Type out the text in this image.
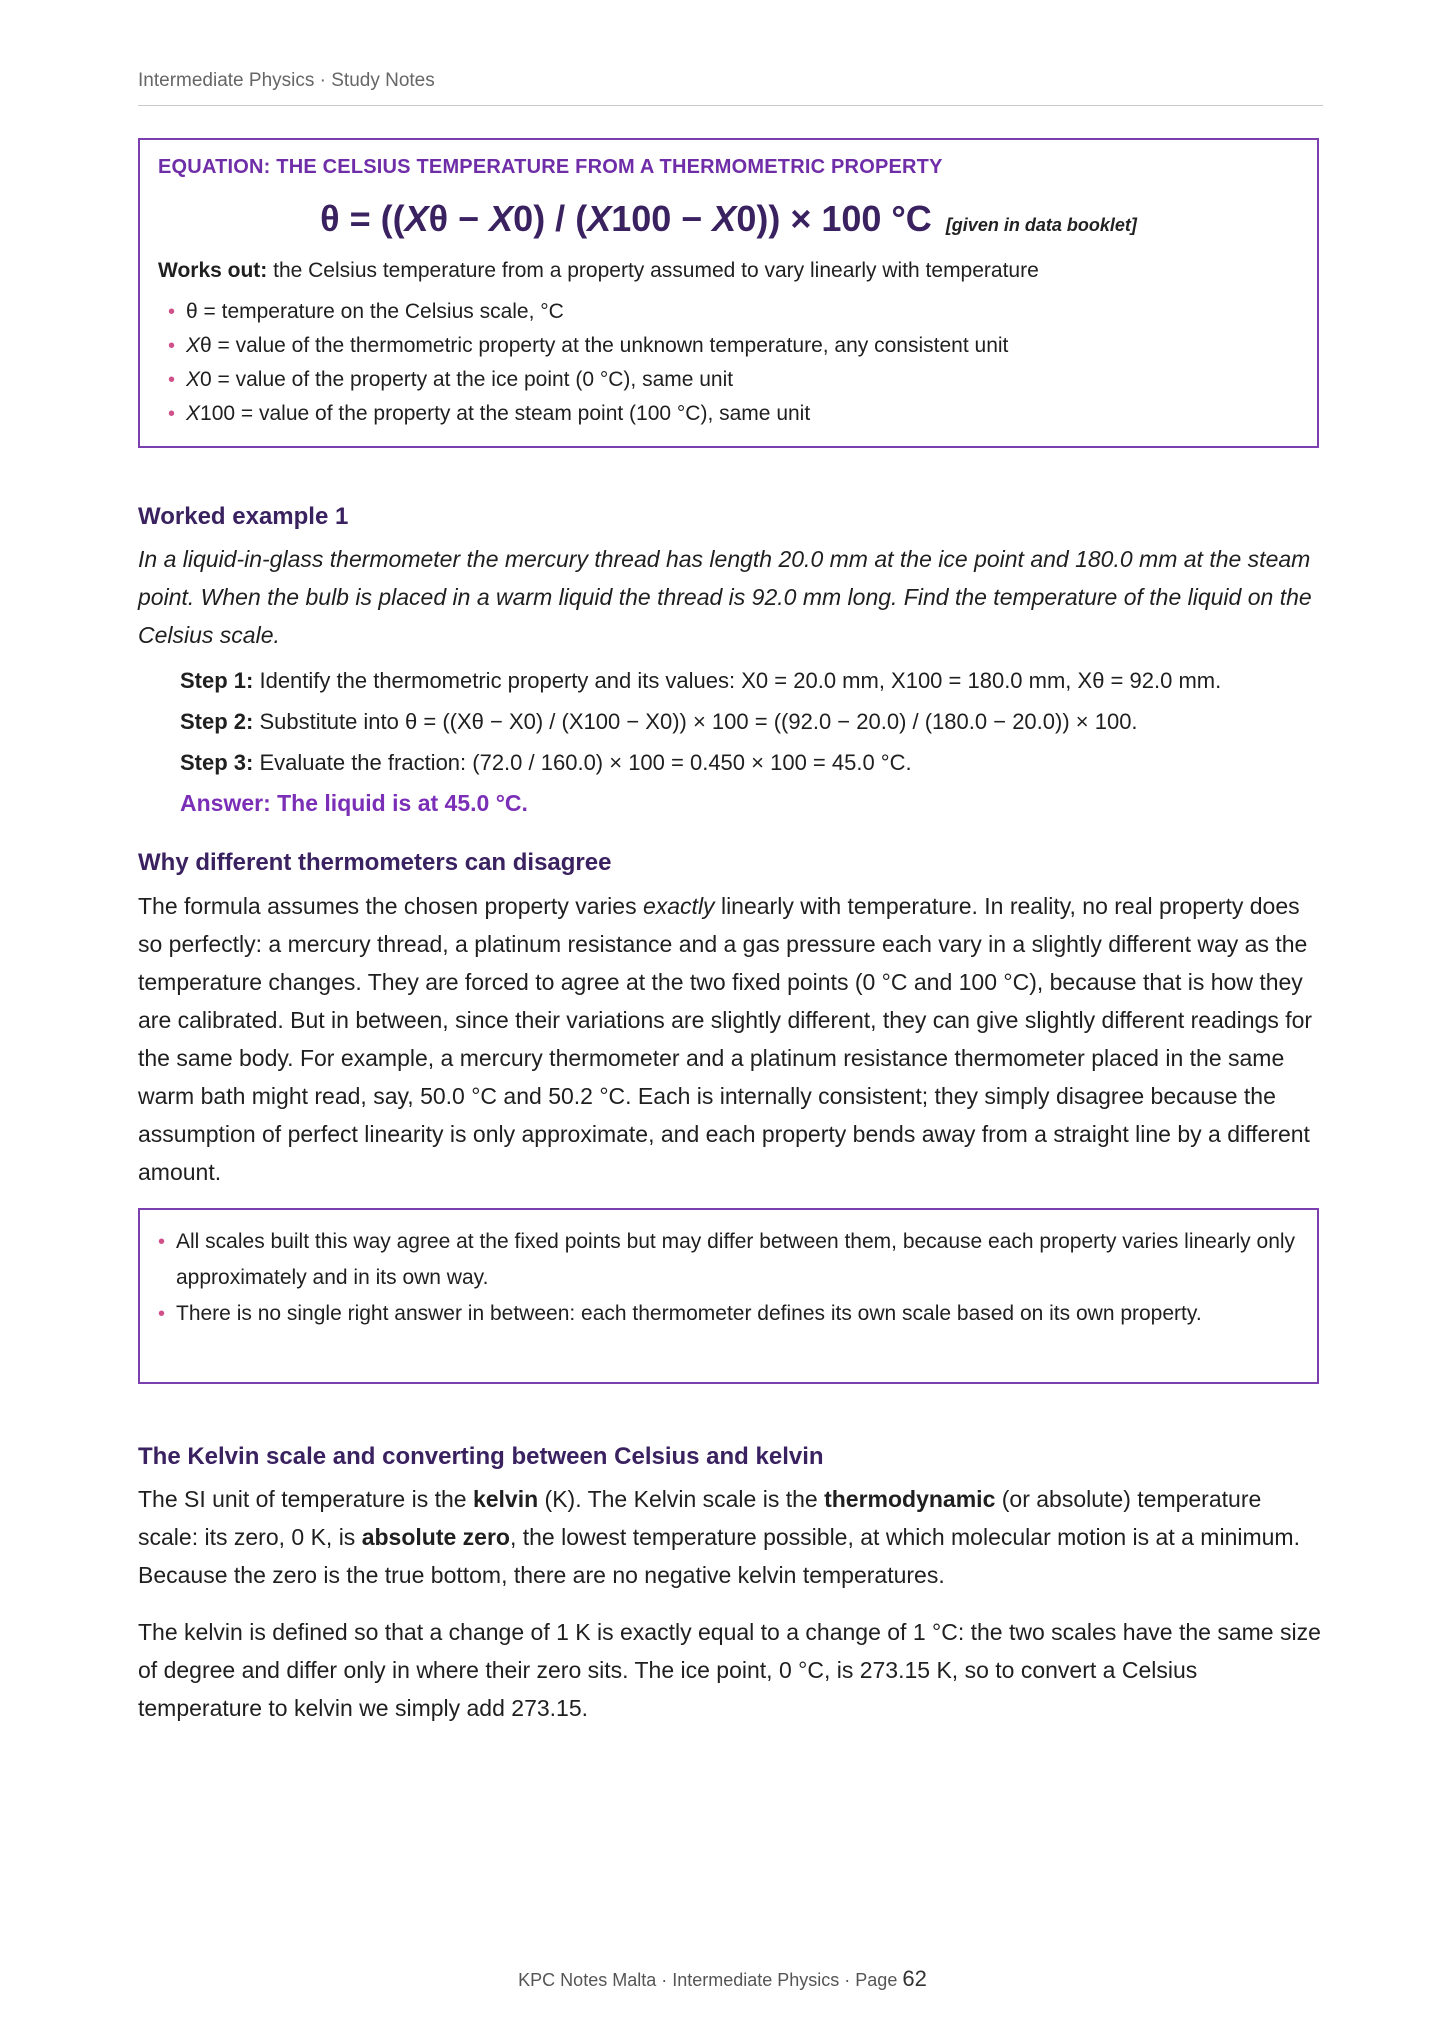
Intermediate Physics · Study Notes
EQUATION: THE CELSIUS TEMPERATURE FROM A THERMOMETRIC PROPERTY
θ = ((Xθ − X0) / (X100 − X0)) × 100 °C [given in data booklet]
Works out: the Celsius temperature from a property assumed to vary linearly with temperature
• θ = temperature on the Celsius scale, °C
• Xθ = value of the thermometric property at the unknown temperature, any consistent unit
• X0 = value of the property at the ice point (0 °C), same unit
• X100 = value of the property at the steam point (100 °C), same unit
Worked example 1
In a liquid-in-glass thermometer the mercury thread has length 20.0 mm at the ice point and 180.0 mm at the steam point. When the bulb is placed in a warm liquid the thread is 92.0 mm long. Find the temperature of the liquid on the Celsius scale.
Step 1: Identify the thermometric property and its values: X0 = 20.0 mm, X100 = 180.0 mm, Xθ = 92.0 mm.
Step 2: Substitute into θ = ((Xθ − X0) / (X100 − X0)) × 100 = ((92.0 − 20.0) / (180.0 − 20.0)) × 100.
Step 3: Evaluate the fraction: (72.0 / 160.0) × 100 = 0.450 × 100 = 45.0 °C.
Answer: The liquid is at 45.0 °C.
Why different thermometers can disagree
The formula assumes the chosen property varies exactly linearly with temperature. In reality, no real property does so perfectly: a mercury thread, a platinum resistance and a gas pressure each vary in a slightly different way as the temperature changes. They are forced to agree at the two fixed points (0 °C and 100 °C), because that is how they are calibrated. But in between, since their variations are slightly different, they can give slightly different readings for the same body. For example, a mercury thermometer and a platinum resistance thermometer placed in the same warm bath might read, say, 50.0 °C and 50.2 °C. Each is internally consistent; they simply disagree because the assumption of perfect linearity is only approximate, and each property bends away from a straight line by a different amount.
• All scales built this way agree at the fixed points but may differ between them, because each property varies linearly only approximately and in its own way.
• There is no single right answer in between: each thermometer defines its own scale based on its own property.
The Kelvin scale and converting between Celsius and kelvin
The SI unit of temperature is the kelvin (K). The Kelvin scale is the thermodynamic (or absolute) temperature scale: its zero, 0 K, is absolute zero, the lowest temperature possible, at which molecular motion is at a minimum. Because the zero is the true bottom, there are no negative kelvin temperatures.
The kelvin is defined so that a change of 1 K is exactly equal to a change of 1 °C: the two scales have the same size of degree and differ only in where their zero sits. The ice point, 0 °C, is 273.15 K, so to convert a Celsius temperature to kelvin we simply add 273.15.
KPC Notes Malta · Intermediate Physics · Page 62
